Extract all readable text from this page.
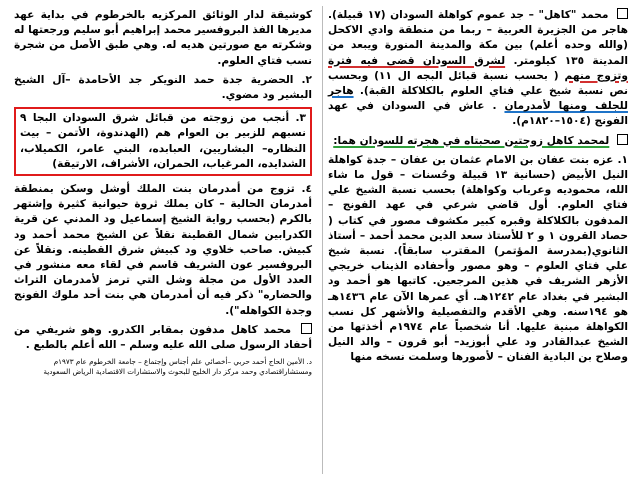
محمد "كاهل" – جد عموم كواهلة السودان (١٧ قبيلة). هاجر من الجزيرة العربية – ربما من منطقة وادي الاكحل (والله وحده أعلم) بين مكة والمدينة المنورة ويبعد من المدينة ١٣٥ كيلومتر. لشرق السودان قضى فيه فترة وتزوج منهم ( بحسب نسبة قبائل البجه ال ١١) وبحسب نص نسبة شيخ علي فتاي العلوم بالكلاكلة القبة). هاجر للجلف ومنها لأمدرمان . عاش في السودان في عهد الفونج (١٥٠٤–١٨٢٠م).

لمحمد كاهل زوجتين صحبتاه في هجرته للسودان هما:

١. عزه بنت عفان بن الامام عثمان بن عفان – جدة كواهلة النيل الأبيض (حسانية ١٣ قبيلة وحُسنات – قول ما شاء الله، محموديه وعرباب وكواهلة) بحسب نسبة الشيخ علي فتاي العلوم. أول قاضي شرعي في عهد الفونج – المدفون بالكلاكلة وقبره كبير مكشوف مصور في كتاب ( حصاد القرون ١ و ٢ للأستاذ سعد الدين محمد أحمد – أستاذ الثانوي(بمدرسة المؤتمر) المقترب سابقاً). نسبة شيخ علي فتاي العلوم – وهو مصور وأحفاده الذيناب خريجي الأزهر الشريف في هذين المرجعين. كاتبها هو أحمد ود البشير في بغداد عام ١٢٤٢هـ. أي عمرها الآن عام ١٤٣٦هـ هو ١٩٤سنه. وهي الأقدم والتفصيلية والأشهر كل نسب الكواهلة مبنية عليها. أنا شخصياً عام ١٩٧٤م أخذتها من الشيخ عبدالقادر ود علي أبوزيد– أبو قرون – والد النيل وصلاح بن البادية الفنان – لأصورها وسلمت نسخه منها

كوشيقة لدار الوثائق المركزيه بالخرطوم في بداية عهد مديرها الفذ البروفسير محمد إبراهيم أبو سليم ورجعتها له وشكرته مع صورتين هديه له. وهي طبق الأصل من شجرة نسب فتاي العلوم.

٢. الحضرية جدة حمد النويكر جد الأحامدة –آل الشيخ البشير ود مضوي.

٣. أنجب من زوجته من قبائل شرق السودان البجا ٩ نسبهم للزبير بن العوام هم (الهدندوة، الأتمن – بيت النظاره– البشاريين، العبابده، البني عامر، الكميلاب، الشدايده، المرغياب، الحمران، الأشراف، الارتيقة)

٤. تزوج من أمدرمان بنت الملك أوشل وسكن بمنطقة أمدرمان الحالية – كان يملك ثروة حيوانية كثيرة وإشتهر بالكرم (بحسب رواية الشيخ إسماعيل ود المدني عن قرية الكدرابين شمال القطينة نقلاً عن الشيخ محمد أحمد ود كبيش. صاحب خلاوي ود كبيش شرق القطينه. ونقلاً عن البروفسير عون الشريف قاسم في لقاء معه منشور في العدد الأول من مجلة وشل التي ترمز لأمدرمان التراث والحضاره" ذكر فيه أن أمدرمان هي بنت أحد ملوك الفونج وجدة الكواهله").

محمد كاهل مدفون بمقابر الكدرو. وهو شريفي من أحفاد الرسول صلى الله عليه وسلم – الله أعلم بالطبع .

د. الأمين الحاج أحمد حربي –أخصائي علم أجناس وإجتماع – جامعة الخرطوم عام ١٩٧٣م
ومستشاراقتصادي وحمد مركز دار الخليج للبحوث والاستشارات الاقتصادية الرياض السعودية
